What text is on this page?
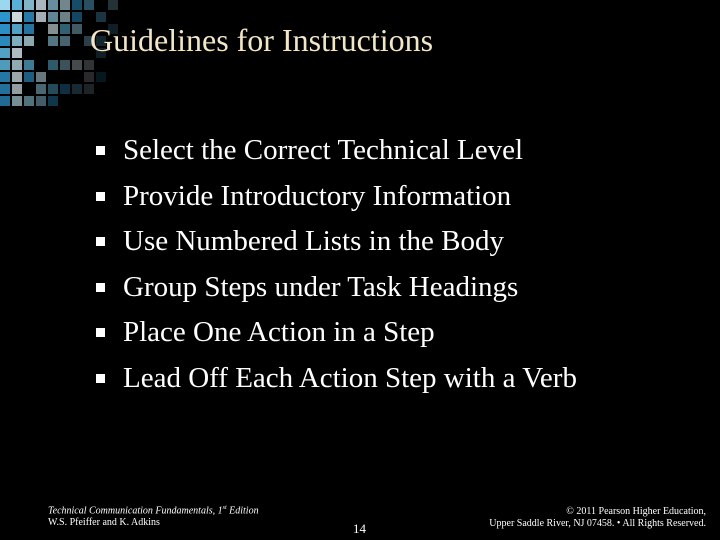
Guidelines for Instructions
Select the Correct Technical Level
Provide Introductory Information
Use Numbered Lists in the Body
Group Steps under Task Headings
Place One Action in a Step
Lead Off Each Action Step with a Verb
Technical Communication Fundamentals, 1st Edition
W.S. Pfeiffer and K. Adkins	14
© 2011 Pearson Higher Education,
Upper Saddle River, NJ 07458. • All Rights Reserved.
